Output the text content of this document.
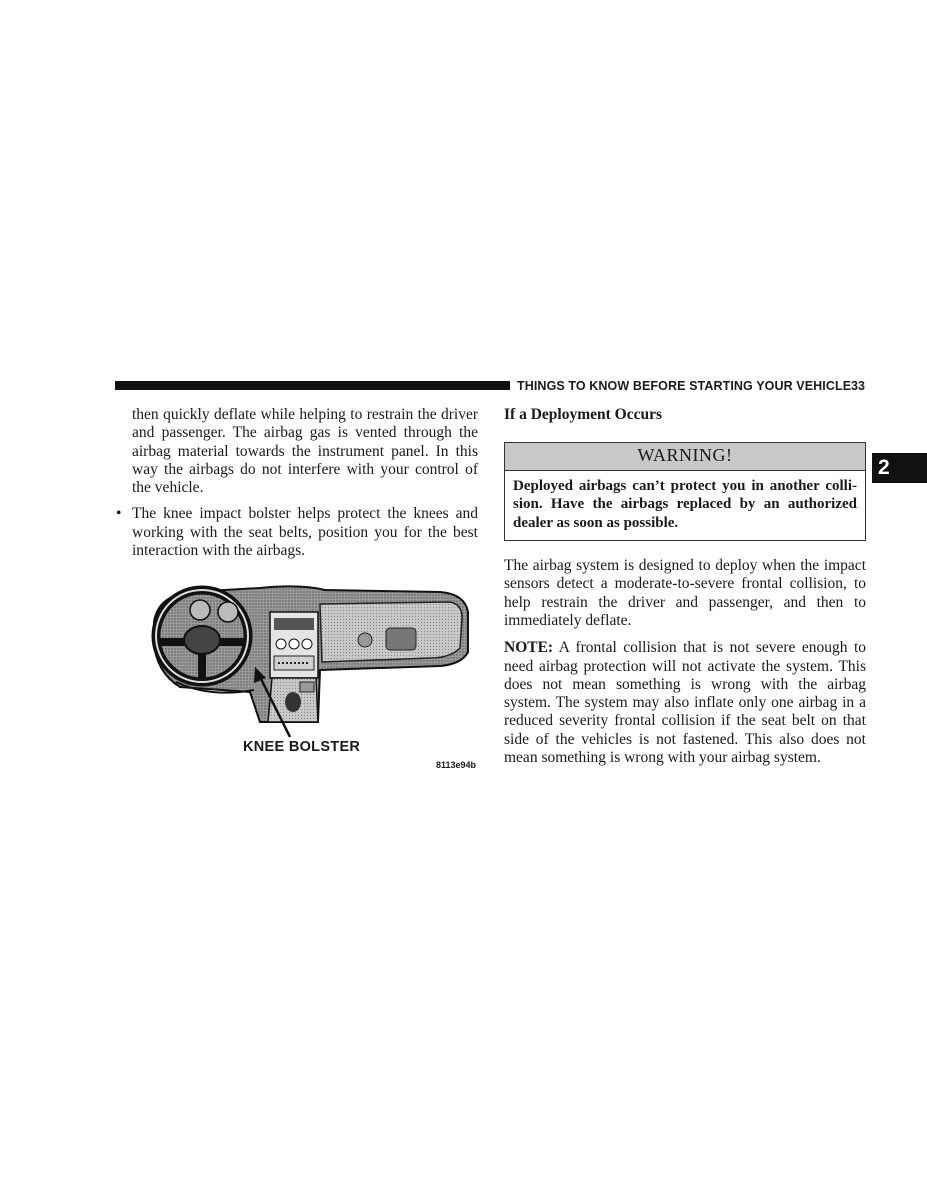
THINGS TO KNOW BEFORE STARTING YOUR VEHICLE 33
2

then quickly deflate while helping to restrain the driver and passenger. The airbag gas is vented through the airbag material towards the instrument panel. In this way the airbags do not interfere with your control of the vehicle.

• The knee impact bolster helps protect the knees and working with the seat belts, position you for the best interaction with the airbags.
KNEE BOLSTER
8113e94b

If a Deployment Occurs

WARNING!
Deployed airbags can’t protect you in another colli-sion. Have the airbags replaced by an authorized dealer as soon as possible.

The airbag system is designed to deploy when the impact sensors detect a moderate-to-severe frontal collision, to help restrain the driver and passenger, and then to immediately deflate.

NOTE: A frontal collision that is not severe enough to need airbag protection will not activate the system. This does not mean something is wrong with the airbag system. The system may also inflate only one airbag in a reduced severity frontal collision if the seat belt on that side of the vehicles is not fastened. This also does not mean something is wrong with your airbag system.
